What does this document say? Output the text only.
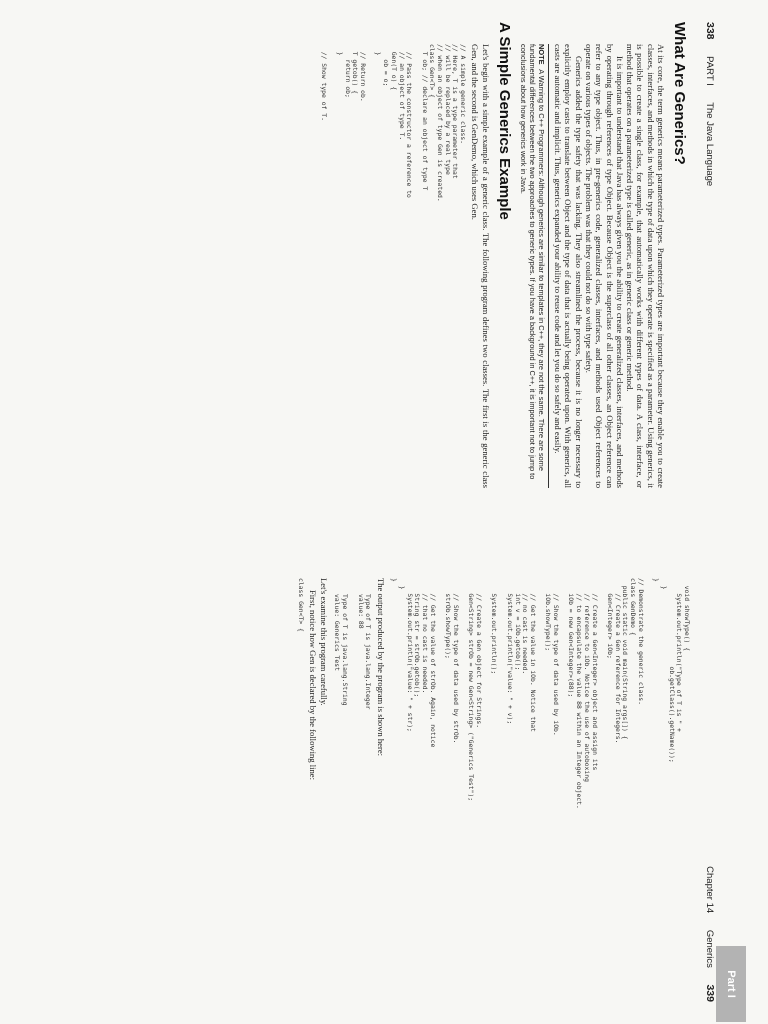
338 PART I The Java Language
What Are Generics?

At its core, the term generics means parameterized types. Parameterized types are important because they enable you to create classes, interfaces, and methods in which the type of data upon which they operate is specified as a parameter. Using generics, it is possible to create a single class, for example, that automatically works with different types of data. A class, interface, or method that operates on a parameterized type is called generic, as in generic class or generic method.

It is important to understand that Java has always given you the ability to create generalized classes, interfaces, and methods by operating through references of type Object. Because Object is the superclass of all other classes, an Object reference can refer to any type object. Thus, in pre-generics code, generalized classes, interfaces, and methods used Object references to operate on various types of objects. The problem was that they could not do so with type safety.

Generics added the type safety that was lacking. They also streamlined the process, because it is no longer necessary to explicitly employ casts to translate between Object and the type of data that is actually being operated upon. With generics, all casts are automatic and implicit. Thus, generics expanded your ability to reuse code and let you do so safely and easily.

NOTE A Warning to C++ Programmers: Although generics are similar to templates in C++, they are not the same. There are some fundamental differences between the two approaches to generic types. If you have a background in C++, it is important not to jump to conclusions about how generics work in Java.
A Simple Generics Example

Let's begin with a simple example of a generic class. The following program defines two classes. The first is the generic class Gen, and the second is GenDemo, which uses Gen.

// A simple generic class.
// Here, T is a type parameter that
// will be replaced by a real type
// when an object of type Gen is created.
class Gen<T> {
T ob; // declare an object of type T

// Pass the constructor a reference to
// an object of type T.
Gen(T o) {
ob = o;
}

// Return ob.
T getob() {
return ob;
}

// Show type of T.
Part I
Chapter 14 Generics 339
void showType() {
System.out.println("Type of T is " +
ob.getClass().getName());
}
}

// Demonstrate the generic class.
class GenDemo {
public static void main(String args[]) {
// Create a Gen reference for Integers.
Gen<Integer> iOb;

// Create a Gen<Integer> object and assign its
// reference to iOb. Notice the use of autoboxing
// to encapsulate the value 88 within an Integer object.
iOb = new Gen<Integer>(88);

// Show the type of data used by iOb.
iOb.showType();

// Get the value in iOb. Notice that
// no cast is needed.
int v = iOb.getob();
System.out.println("value: " + v);

System.out.println();

// Create a Gen object for Strings.
Gen<String> strOb = new Gen<String> ("Generics Test");

// Show the type of data used by strOb.
strOb.showType();

// Get the value of strOb. Again, notice
// that no cast is needed.
String str = strOb.getob();
System.out.println("value: " + str);
}
}

The output produced by the program is shown here:

Type of T is java.lang.Integer
value: 88

Type of T is java.lang.String
value: Generics Test

Let's examine this program carefully.

First, notice how Gen is declared by the following line:

class Gen<T> {
